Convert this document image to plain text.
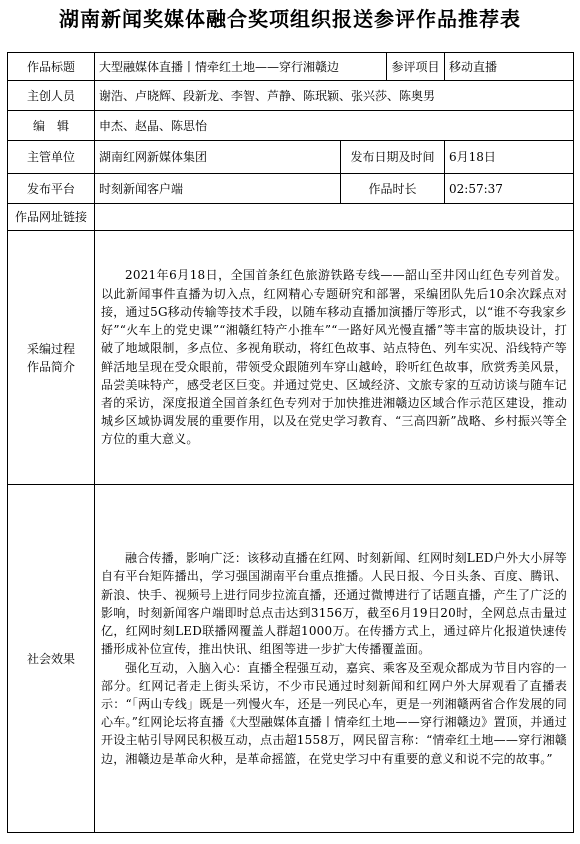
湖南新闻奖媒体融合奖项组织报送参评作品推荐表
作品标题	大型融媒体直播丨情牵红土地——穿行湘赣边		参评项目	移动直播
主创人员	谢浩、卢晓辉、段新龙、李智、芦静、陈珉颖、张兴莎、陈奥男			
编　辑	申杰、赵晶、陈思怡			
主管单位	湖南红网新媒体集团	发布日期及时间		6月18日
发布平台	时刻新闻客户端	作品时长		02:57:37
作品网址链接				

采编过程
作品简介	2021年6月18日，全国首条红色旅游铁路专线——韶山至井冈山红色专列首发。以此新闻事件直播为切入点，红网精心专题研究和部署，采编团队先后10余次踩点对接，通过5G移动传输等技术手段，以随车移动直播加演播厅等形式，以“谁不夸我家乡好”“火车上的党史课”“湘赣红特产小推车”“一路好风光慢直播”等丰富的版块设计，打破了地域限制，多点位、多视角联动，将红色故事、站点特色、列车实况、沿线特产等鲜活地呈现在受众眼前，带领受众跟随列车穿山越岭，聆听红色故事，欣赏秀美风景，品尝美味特产，感受老区巨变。并通过党史、区域经济、文旅专家的互动访谈与随车记者的采访，深度报道全国首条红色专列对于加快推进湘赣边区域合作示范区建设，推动城乡区域协调发展的重要作用，以及在党史学习教育、“三高四新”战略、乡村振兴等全方位的重大意义。			

社会效果	融合传播，影响广泛：该移动直播在红网、时刻新闻、红网时刻LED户外大小屏等自有平台矩阵播出，学习强国湖南平台重点推播。人民日报、今日头条、百度、腾讯、新浪、快手、视频号上进行同步拉流直播，还通过微博进行了话题直播，产生了广泛的影响，时刻新闻客户端即时总点击达到3156万，截至6月19日20时，全网总点击量过亿，红网时刻LED联播网覆盖人群超1000万。在传播方式上，通过碎片化报道快速传播形成补位宣传，推出快讯、组图等进一步扩大传播覆盖面。

强化互动，入脑入心：直播全程强互动，嘉宾、乘客及至观众都成为节目内容的一部分。红网记者走上街头采访，不少市民通过时刻新闻和红网户外大屏观看了直播表示：“「两山专线」既是一列慢火车，还是一列民心车，更是一列湘赣两省合作发展的同心车。”红网论坛将直播《大型融媒体直播丨情牵红土地——穿行湘赣边》置顶，并通过开设主帖引导网民积极互动，点击超1558万，网民留言称：“情牵红土地——穿行湘赣边，湘赣边是革命火种，是革命摇篮，在党史学习中有重要的意义和说不完的故事。”			
